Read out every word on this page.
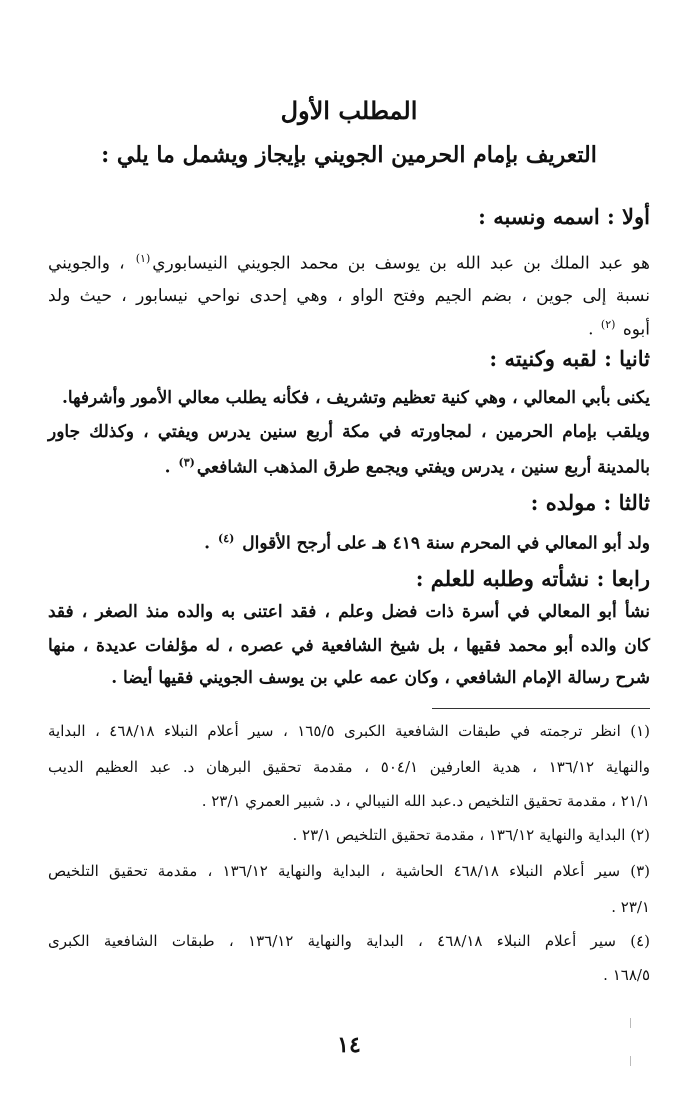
المطلب الأول
التعريف بإمام الحرمين الجويني بإيجاز ويشمل ما يلي :
أولا : اسمه ونسبه :
هو عبد الملك بن عبد الله بن يوسف بن محمد الجويني النيسابوري$^{(١)}$ ، والجويني
نسبة إلى جوين ، بضم الجيم وفتح الواو ، وهي إحدى نواحي نيسابور ، حيث ولد
أبوه $^{(٢)}$ .
ثانيا : لقبه وكنيته :
يكنى بأبي المعالي ، وهي كنية تعظيم وتشريف ، فكأنه يطلب معالي الأمور وأشرفها.
ويلقب بإمام الحرمين ، لمجاورته في مكة أربع سنين يدرس ويفتي ، وكذلك جاور
بالمدينة أربع سنين ، يدرس ويفتي ويجمع طرق المذهب الشافعي$^{(٣)}$ .
ثالثا : مولده :
ولد أبو المعالي في المحرم سنة ٤١٩ هـ على أرجح الأقوال $^{(٤)}$ .
رابعا : نشأته وطلبه للعلم :
نشأ أبو المعالي في أسرة ذات فضل وعلم ، فقد اعتنى به والده منذ الصغر ، فقد
كان والده أبو محمد فقيها ، بل شيخ الشافعية في عصره ، له مؤلفات عديدة ، منها
شرح رسالة الإمام الشافعي ، وكان عمه علي بن يوسف الجويني فقيها أيضا .
(١) انظر ترجمته في طبقات الشافعية الكبرى ١٦٥/٥ ، سير أعلام النبلاء ٤٦٨/١٨ ، البداية
والنهاية ١٣٦/١٢ ، هدية العارفين ٥٠٤/١ ، مقدمة تحقيق البرهان د. عبد العظيم الديب
٢١/١ ، مقدمة تحقيق التلخيص د.عبد الله النيبالي ، د. شبير العمري ٢٣/١ .
(٢) البداية والنهاية ١٣٦/١٢ ، مقدمة تحقيق التلخيص ٢٣/١ .
(٣) سير أعلام النبلاء ٤٦٨/١٨ الحاشية ، البداية والنهاية ١٣٦/١٢ ، مقدمة تحقيق التلخيص
٢٣/١ .
(٤) سير أعلام النبلاء ٤٦٨/١٨ ، البداية والنهاية ١٣٦/١٢ ، طبقات الشافعية الكبرى
١٦٨/٥ .
١٤
